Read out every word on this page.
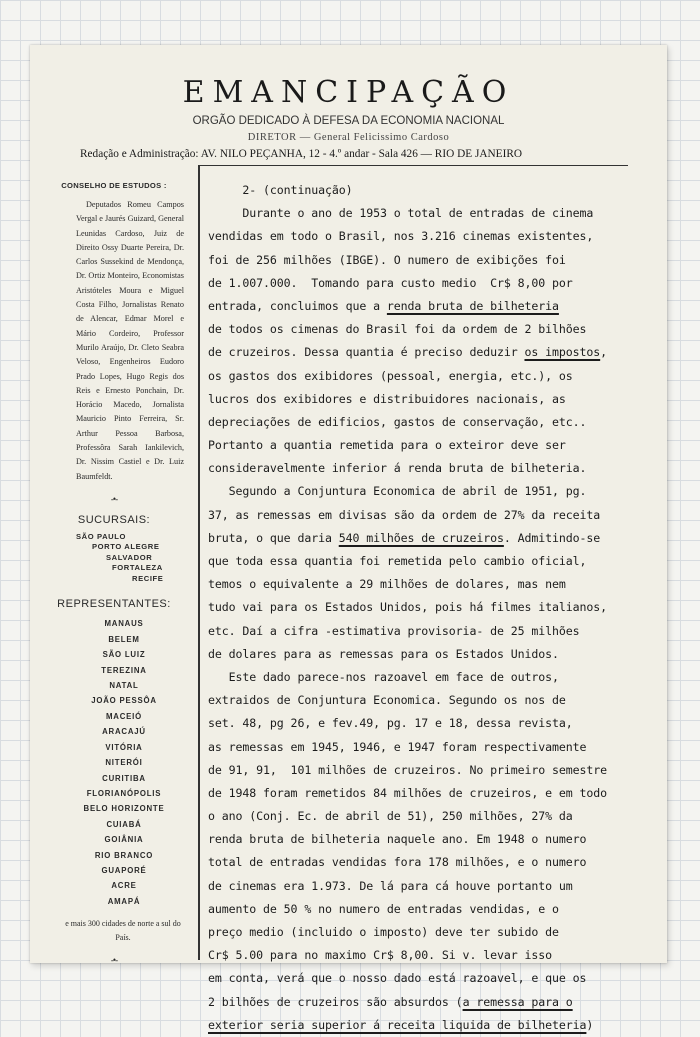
EMANCIPAÇÃO
ORGÃO DEDICADO À DEFESA DA ECONOMIA NACIONAL
DIRETOR — General Felicissimo Cardoso
Redação e Administração: AV. NILO PEÇANHA, 12 - 4.º andar - Sala 426 — RIO DE JANEIRO
CONSELHO DE ESTUDOS :

Deputados Romeu Campos Vergal e Jaurés Guizard, General Leunidas Cardoso, Juiz de Direito Ossy Duarte Pereira, Dr. Carlos Sussekind de Mendonça, Dr. Ortiz Monteiro, Economistas Aristóteles Moura e Miguel Costa Filho, Jornalistas Renato de Alencar, Edmar Morel e Mário Cordeiro, Professor Murilo Araújo, Dr. Cleto Seabra Veloso, Engenheiros Eudoro Prado Lopes, Hugo Regis dos Reis e Ernesto Ponchain, Dr. Horácio Macedo, Jornalista Mauricio Pinto Ferreira, Sr. Arthur Pessoa Barbosa, Professôra Sarah Iankilevich, Dr. Nissim Castiel e Dr. Luiz Baumfeldt.

-•-
SUCURSAIS:
SÃO PAULO
PORTO ALEGRE
SALVADOR
FORTALEZA
RECIFE
REPRESENTANTES:
MANAUS
BELEM
SÃO LUIZ
TEREZINA
NATAL
JOÃO PESSÔA
MACEIÓ
ARACAJÚ
VITÓRIA
NITERÓI
CURITIBA
FLORIANÓPOLIS
BELO HORIZONTE
CUIABÁ
GOIÂNIA
RIO BRANCO
GUAPORÉ
ACRE
AMAPÁ

e mais 300 cidades de norte a sul do País.

-•-
2- (continuação)
Durante o ano de 1953 o total de entradas de cinema
vendidas em todo o Brasil, nos 3.216 cinemas existentes,
foi de 256 milhões (IBGE). O numero de exibições foi
de 1.007.000.  Tomando para custo medio  Cr$ 8,00 por
entrada, concluimos que a renda bruta de bilheteria
de todos os cimenas do Brasil foi da ordem de 2 bilhões
de cruzeiros. Dessa quantia é preciso deduzir os impostos,
os gastos dos exibidores (pessoal, energia, etc.), os
lucros dos exibidores e distribuidores nacionais, as
depreciações de edificios, gastos de conservação, etc..
Portanto a quantia remetida para o exteiror deve ser
consideravelmente inferior á renda bruta de bilheteria.
Segundo a Conjuntura Economica de abril de 1951, pg.
37, as remessas em divisas são da ordem de 27% da receita
bruta, o que daria 540 milhões de cruzeiros. Admitindo-se
que toda essa quantia foi remetida pelo cambio oficial,
temos o equivalente a 29 milhões de dolares, mas nem
tudo vai para os Estados Unidos, pois há filmes italianos,
etc. Daí a cifra -estimativa provisoria- de 25 milhões
de dolares para as remessas para os Estados Unidos.
Este dado parece-nos razoavel em face de outros,
extraidos de Conjuntura Economica. Segundo os nos de
set. 48, pg 26, e fev.49, pg. 17 e 18, dessa revista,
as remessas em 1945, 1946, e 1947 foram respectivamente
de 91, 91,  101 milhões de cruzeiros. No primeiro semestre
de 1948 foram remetidos 84 milhões de cruzeiros, e em todo
o ano (Conj. Ec. de abril de 51), 250 milhões, 27% da
renda bruta de bilheteria naquele ano. Em 1948 o numero
total de entradas vendidas fora 178 milhões, e o numero
de cinemas era 1.973. De lá para cá houve portanto um
aumento de 50 % no numero de entradas vendidas, e o
preço medio (incluido o imposto) deve ter subido de
Cr$ 5.00 para no maximo Cr$ 8,00. Si v. levar isso
em conta, verá que o nosso dado está razoavel, e que os
2 bilhões de cruzeiros são absurdos (a remessa para o
exterior seria superior á receita liquida de bilheteria)
